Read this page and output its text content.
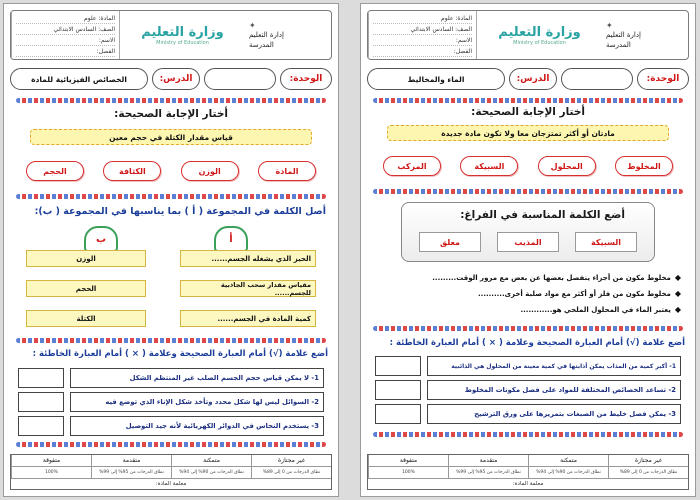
المادة: علوم
الصف: السادس الابتدائي
الاسم:
الفصل:
وزارة التعليم
Ministry of Education
✦
إدارة التعليم
المدرسة
الوحدة:
الدرس:
الخصائص الفيزيائية للمادة
أختار الإجابة الصحيحة:
قياس مقدار الكتلة في حجم معين
المادة
الوزن
الكثافة
الحجم
أصل الكلمة في المجموعة ( أ ) بما يناسبها في المجموعة ( ب):
أ
ب
الحيز الذي يشغله الجسم......
مقياس مقدار سحب الجاذبية للجسم......
كمية المادة في الجسم......
الوزن
الحجم
الكتلة
أضع علامة (√) أمام العبارة الصحيحة وعلامة ( × ) أمام العبارة الخاطئة :
1- لا يمكن قياس حجم الجسم الصلب غير المنتظم الشكل
2- السوائل ليس لها شكل محدد وتأخذ شكل الإناء الذي توضع فيه
3- يستخدم النحاس في الدوائر الكهربائية لأنه جيد التوصيل
غير مجتازة
متمكنة
متقدمة
متفوقة
نطاق الدرجات من 0 إلى 89%
نطاق الدرجات من 90% إلى 94%
نطاق الدرجات من 95% إلى 99%
100%
معلمة المادة:
المادة: علوم
الصف: السادس الابتدائي
الاسم:
الفصل:
وزارة التعليم
Ministry of Education
✦
إدارة التعليم
المدرسة
الوحدة:
الدرس:
الماء والمخاليط
أختار الإجابة الصحيحة:
مادتان أو أكثر تمتزجان معا ولا تكون مادة جديدة
المخلوط
المحلول
السبيكة
المركب
أضع الكلمة المناسبة في الفراغ:
السبيكة
المذيب
معلق
◆
مخلوط مكون من أجزاء ينفصل بعضها عن بعض مع مرور الوقت.........
◆
مخلوط مكون من فلز أو أكثر مع مواد صلبة أخرى..........
◆
يعتبر الماء في المحلول الملحي هو............
أضع علامة (√) أمام العبارة الصحيحة وعلامة ( × ) أمام العبارة الخاطئة :
1- أكبر كمية من المذاب يمكن أذابتها في كمية معينة من المحلول هي الذائبية
2- تساعد الخصائص المختلفة للمواد على فصل مكونات المخلوط
3- يمكن فصل خليط من الصبغات بتمريرها على ورق الترشيح
غير مجتازة
متمكنة
متقدمة
متفوقة
نطاق الدرجات من 0 إلى 89%
نطاق الدرجات من 90% إلى 94%
نطاق الدرجات من 95% إلى 99%
100%
معلمة المادة:
